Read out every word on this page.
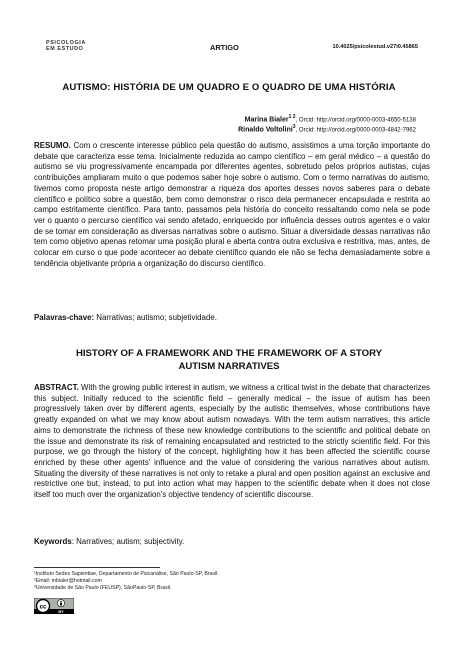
PSICOLOGIA
EM ESTUDO	ARTIGO	10.4025/psicolestud.v27i0.45865
AUTISMO: HISTÓRIA DE UM QUADRO E O QUADRO DE UMA HISTÓRIA
Marina Bialer$^{1 2}$, Orcid: http://orcid.org/0000-0003-4650-5138
Rinaldo Voltolini$^3$, Orcid: http://orcid.org/0000-0003-4842-7962
RESUMO. Com o crescente interesse público pela questão do autismo, assistimos a uma torção importante do debate que caracteriza esse tema. Inicialmente reduzida ao campo científico – em geral médico – a questão do autismo se viu progressivamente encampada por diferentes agentes, sobretudo pelos próprios autistas, cujas contribuições ampliaram muito o que podemos saber hoje sobre o autismo. Com o termo narrativas do autismo, tivemos como proposta neste artigo demonstrar a riqueza dos aportes desses novos saberes para o debate científico e político sobre a questão, bem como demonstrar o risco dela permanecer encapsulada e restrita ao campo estritamente científico. Para tanto, passamos pela história do conceito ressaltando como nela se pode ver o quanto o percurso científico vai sendo afetado, enriquecido por influência desses outros agentes e o valor de se tomar em consideração as diversas narrativas sobre o autismo. Situar a diversidade dessas narrativas não tem como objetivo apenas retomar uma posição plural e aberta contra outra exclusiva e restritiva, mas, antes, de colocar em curso o que pode acontecer ao debate científico quando ele não se fecha demasiadamente sobre a tendência objetivante própria a organização do discurso científico.
Palavras-chave: Narrativas; autismo; subjetividade.
HISTORY OF A FRAMEWORK AND THE FRAMEWORK OF A STORY
AUTISM NARRATIVES
ABSTRACT. With the growing public interest in autism, we witness a critical twist in the debate that characterizes this subject. Initially reduced to the scientific field – generally medical – the issue of autism has been progressively taken over by different agents, especially by the autistic themselves, whose contributions have greatly expanded on what we may know about autism nowadays. With the term autism narratives, this article aims to demonstrate the richness of these new knowledge contributions to the scientific and political debate on the issue and demonstrate its risk of remaining encapsulated and restricted to the strictly scientific field. For this purpose, we go through the history of the concept, highlighting how it has been affected the scientific course enriched by these other agents' influence and the value of considering the various narratives about autism. Situating the diversity of these narratives is not only to retake a plural and open position against an exclusive and restrictive one but, instead, to put into action what may happen to the scientific debate when it does not close itself too much over the organization's objective tendency of scientific discourse.
Keywords: Narratives; autism; subjectivity.
¹Instituto Sedes Sapientiae, Departamento de Psicanálise, São Paulo-SP, Brasil.
²Email: mbialer@hotmail.com
³Universidade de São Paulo (FEUSP), SãoPaulo-SP, Brasil.
cc
BY
